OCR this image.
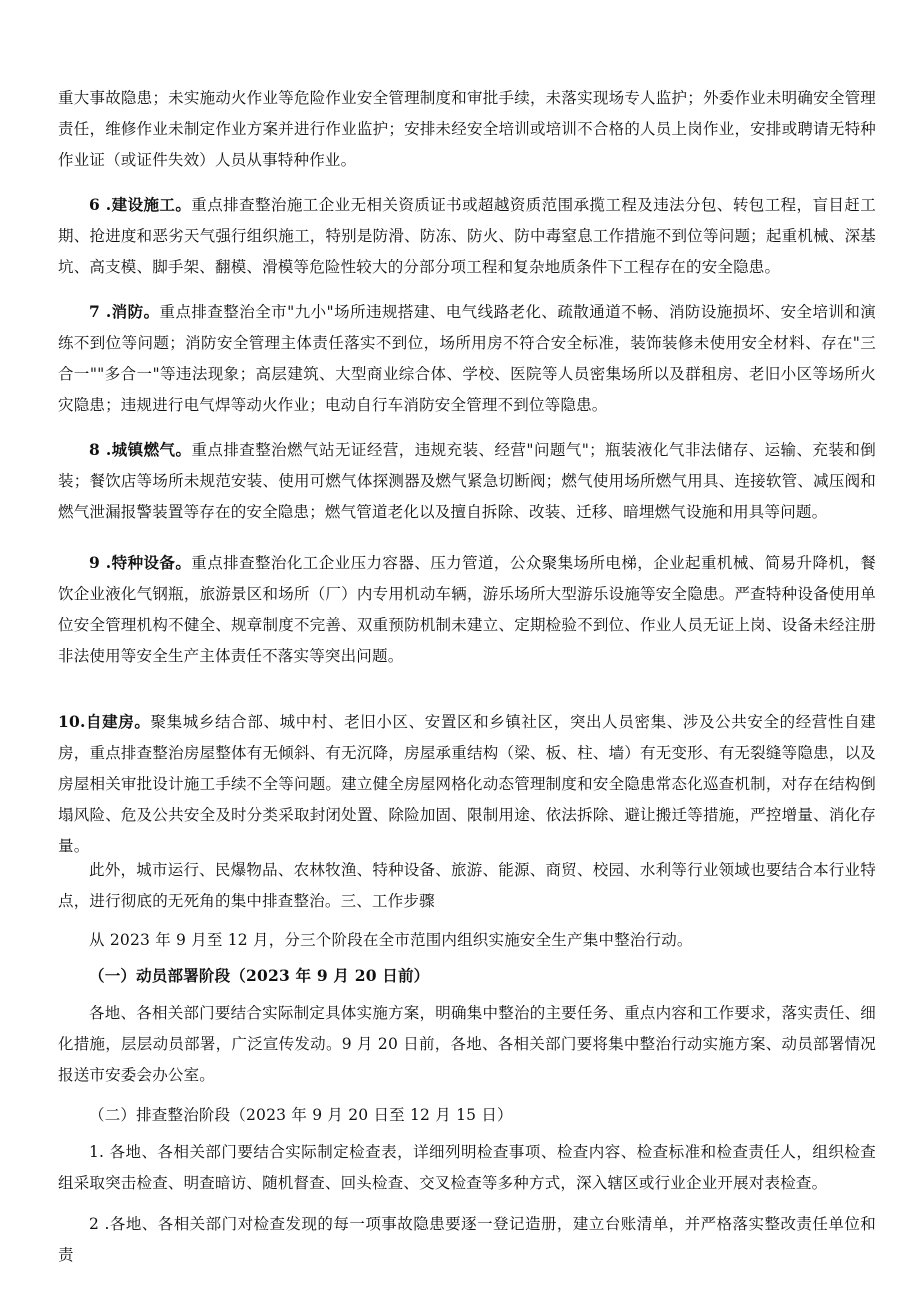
重大事故隐患；未实施动火作业等危险作业安全管理制度和审批手续，未落实现场专人监护；外委作业未明确安全管理责任，维修作业未制定作业方案并进行作业监护；安排未经安全培训或培训不合格的人员上岗作业，安排或聘请无特种作业证（或证件失效）人员从事特种作业。

6 .建设施工。重点排查整治施工企业无相关资质证书或超越资质范围承揽工程及违法分包、转包工程，盲目赶工期、抢进度和恶劣天气强行组织施工，特别是防滑、防冻、防火、防中毒窒息工作措施不到位等问题；起重机械、深基坑、高支模、脚手架、翻模、滑模等危险性较大的分部分项工程和复杂地质条件下工程存在的安全隐患。

7 .消防。重点排查整治全市"九小"场所违规搭建、电气线路老化、疏散通道不畅、消防设施损坏、安全培训和演练不到位等问题；消防安全管理主体责任落实不到位，场所用房不符合安全标准，装饰装修未使用安全材料、存在"三合一""多合一"等违法现象；高层建筑、大型商业综合体、学校、医院等人员密集场所以及群租房、老旧小区等场所火灾隐患；违规进行电气焊等动火作业；电动自行车消防安全管理不到位等隐患。

8 .城镇燃气。重点排查整治燃气站无证经营，违规充装、经营"问题气"；瓶装液化气非法储存、运输、充装和倒装；餐饮店等场所未规范安装、使用可燃气体探测器及燃气紧急切断阀；燃气使用场所燃气用具、连接软管、减压阀和燃气泄漏报警装置等存在的安全隐患；燃气管道老化以及擅自拆除、改装、迁移、暗埋燃气设施和用具等问题。

9 .特种设备。重点排查整治化工企业压力容器、压力管道，公众聚集场所电梯，企业起重机械、简易升降机，餐饮企业液化气钢瓶，旅游景区和场所（厂）内专用机动车辆，游乐场所大型游乐设施等安全隐患。严查特种设备使用单位安全管理机构不健全、规章制度不完善、双重预防机制未建立、定期检验不到位、作业人员无证上岗、设备未经注册非法使用等安全生产主体责任不落实等突出问题。

10.自建房。聚集城乡结合部、城中村、老旧小区、安置区和乡镇社区，突出人员密集、涉及公共安全的经营性自建房，重点排查整治房屋整体有无倾斜、有无沉降，房屋承重结构（梁、板、柱、墙）有无变形、有无裂缝等隐患，以及房屋相关审批设计施工手续不全等问题。建立健全房屋网格化动态管理制度和安全隐患常态化巡查机制，对存在结构倒塌风险、危及公共安全及时分类采取封闭处置、除险加固、限制用途、依法拆除、避让搬迁等措施，严控增量、消化存量。

此外，城市运行、民爆物品、农林牧渔、特种设备、旅游、能源、商贸、校园、水利等行业领域也要结合本行业特点，进行彻底的无死角的集中排查整治。三、工作步骤

从 2023 年 9 月至 12 月，分三个阶段在全市范围内组织实施安全生产集中整治行动。

（一）动员部署阶段（2023 年 9 月 20 日前）

各地、各相关部门要结合实际制定具体实施方案，明确集中整治的主要任务、重点内容和工作要求，落实责任、细化措施，层层动员部署，广泛宣传发动。9 月 20 日前，各地、各相关部门要将集中整治行动实施方案、动员部署情况报送市安委会办公室。

（二）排查整治阶段（2023 年 9 月 20 日至 12 月 15 日）

1. 各地、各相关部门要结合实际制定检查表，详细列明检查事项、检查内容、检查标准和检查责任人，组织检查组采取突击检查、明查暗访、随机督查、回头检查、交叉检查等多种方式，深入辖区或行业企业开展对表检查。

2 .各地、各相关部门对检查发现的每一项事故隐患要逐一登记造册，建立台账清单，并严格落实整改责任单位和责
